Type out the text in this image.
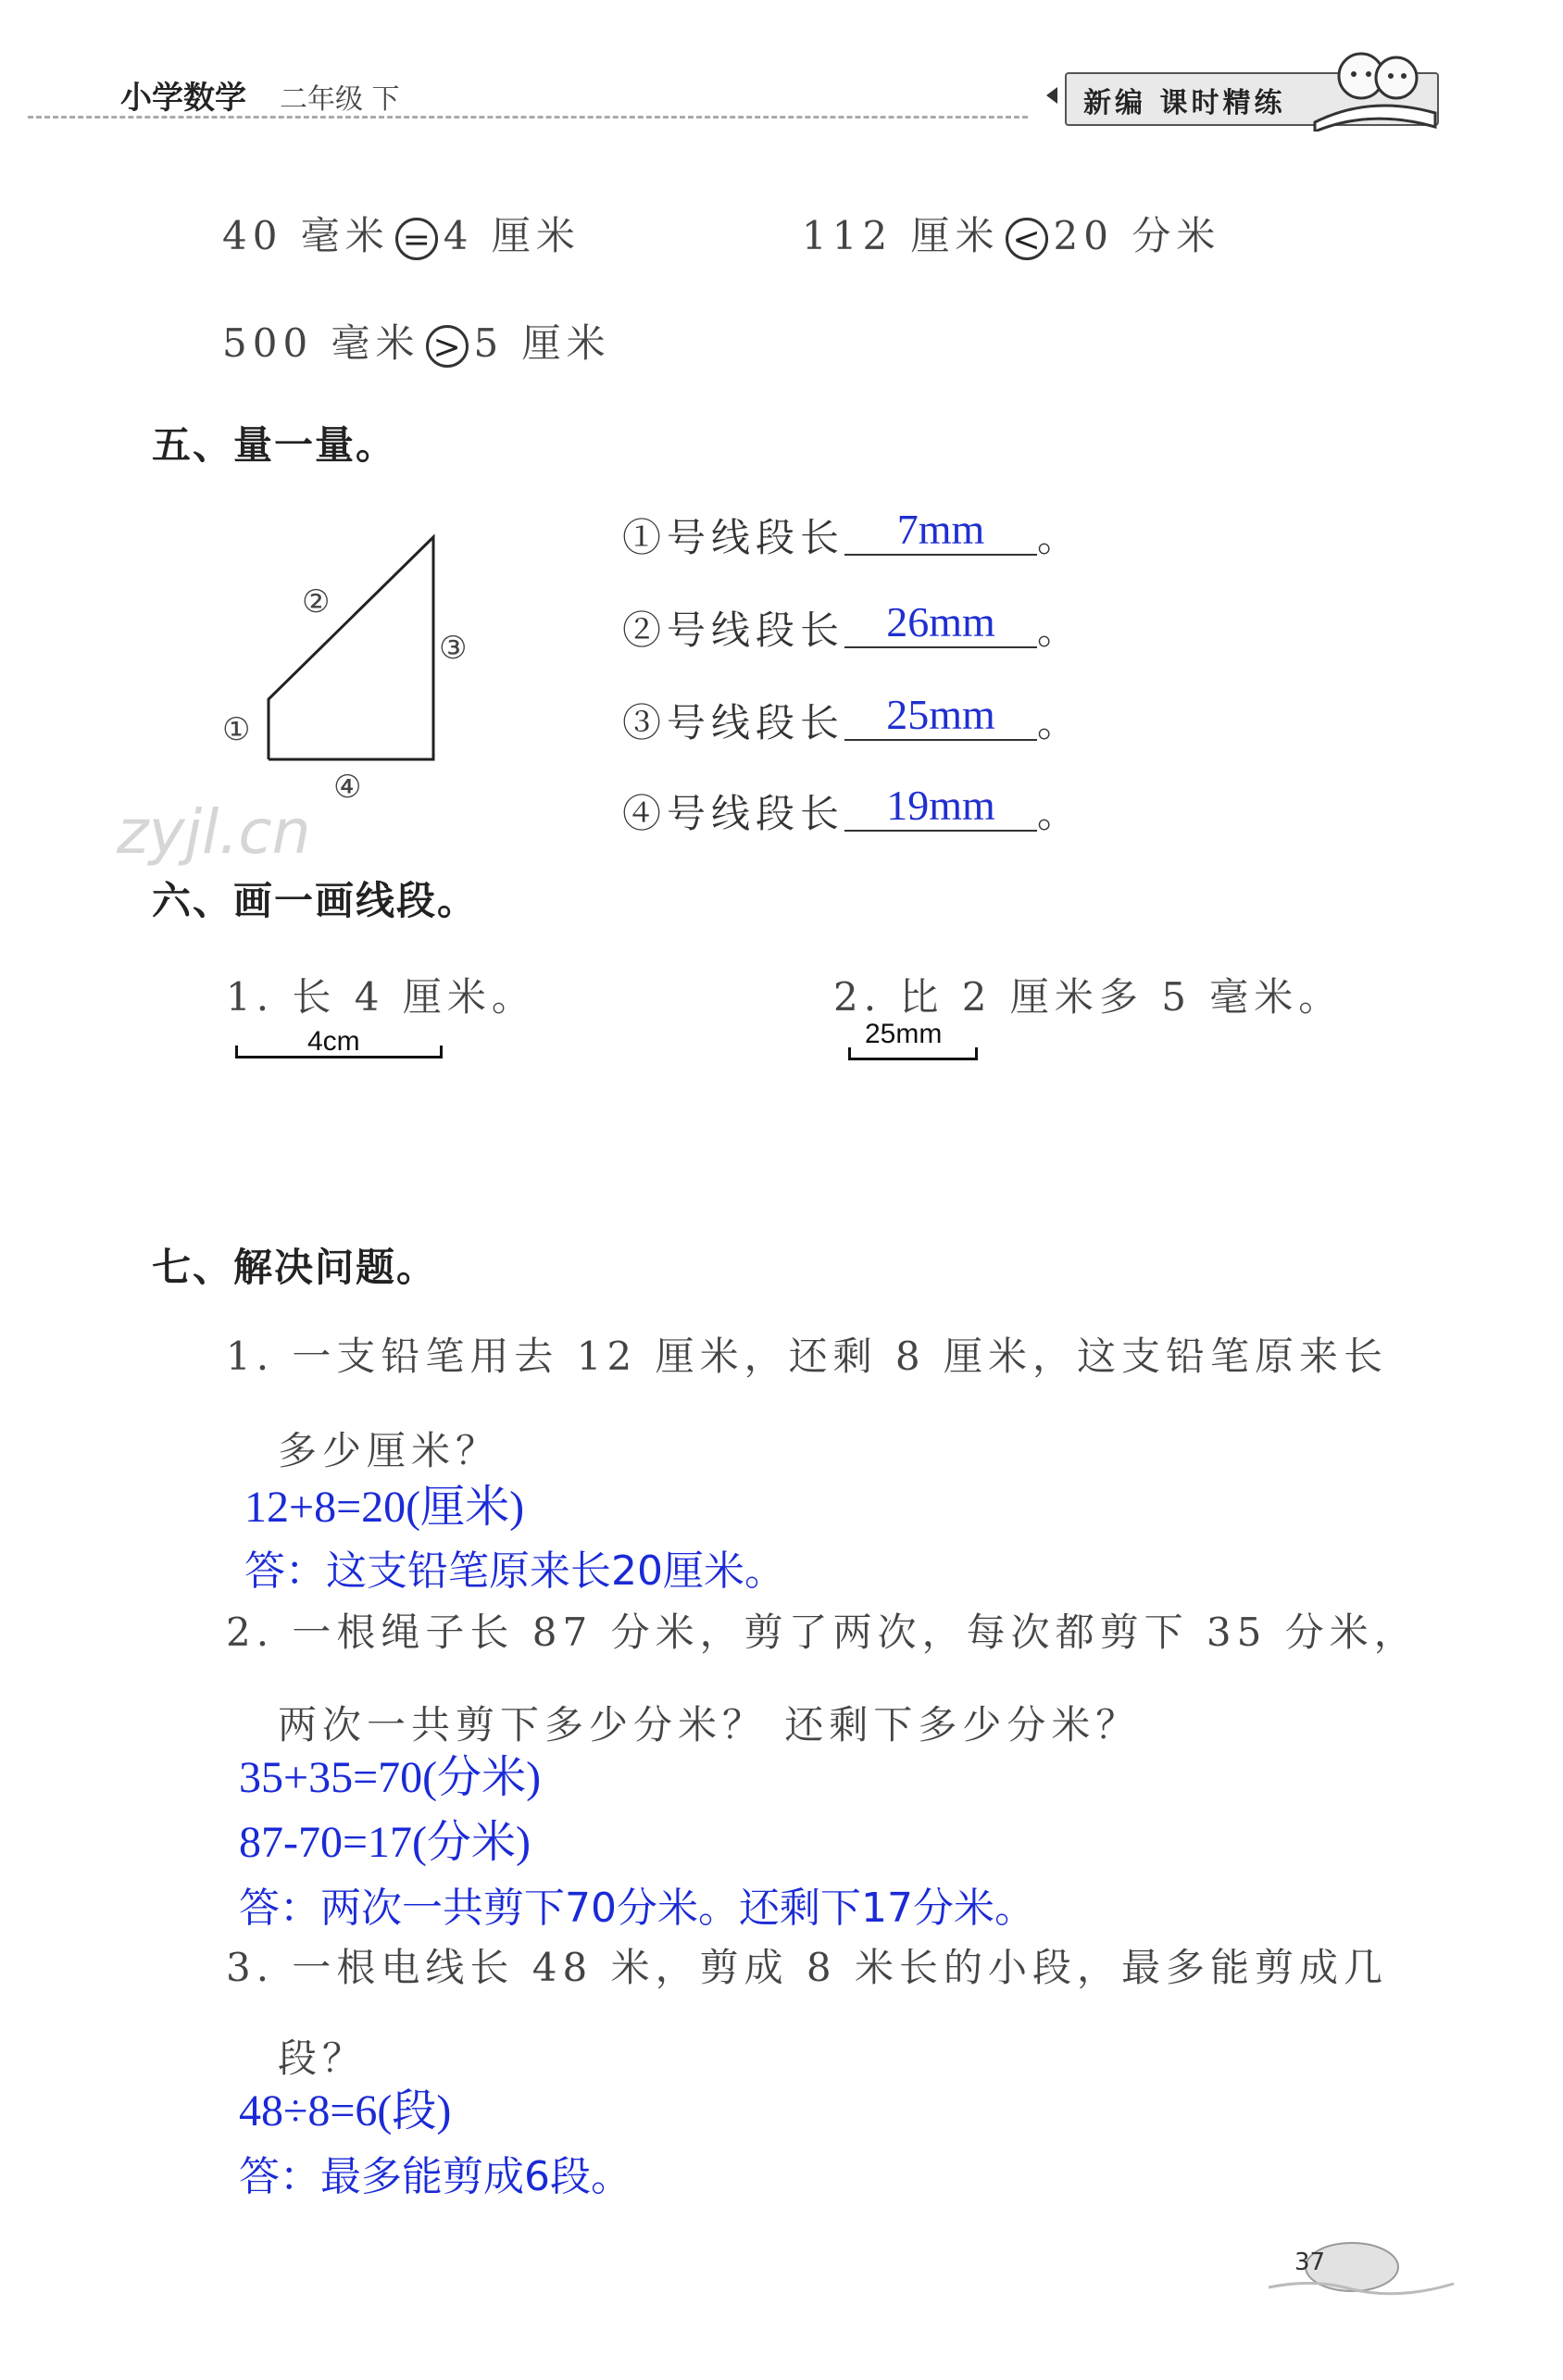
小学数学 二年级 下	新编 课时精练
40 毫米 = 4 厘米	112 厘米 < 20 分米
500 毫米 > 5 厘米
五、量一量。
②
③
①
④
zyjl.cn
①号线段长 7mm 。
②号线段长 26mm 。
③号线段长 25mm 。
④号线段长 19mm 。
六、画一画线段。
1. 长 4 厘米。
4cm
2. 比 2 厘米多 5 毫米。
25mm
七、解决问题。
1. 一支铅笔用去 12 厘米，还剩 8 厘米，这支铅笔原来长
多少厘米？
12+8=20(厘米)
答：这支铅笔原来长20厘米。
2. 一根绳子长 87 分米，剪了两次，每次都剪下 35 分米，
两次一共剪下多少分米？ 还剩下多少分米？
35+35=70(分米)
87-70=17(分米)
答：两次一共剪下70分米。还剩下17分米。
3. 一根电线长 48 米，剪成 8 米长的小段，最多能剪成几
段？
48÷8=6(段)
答：最多能剪成6段。
37
